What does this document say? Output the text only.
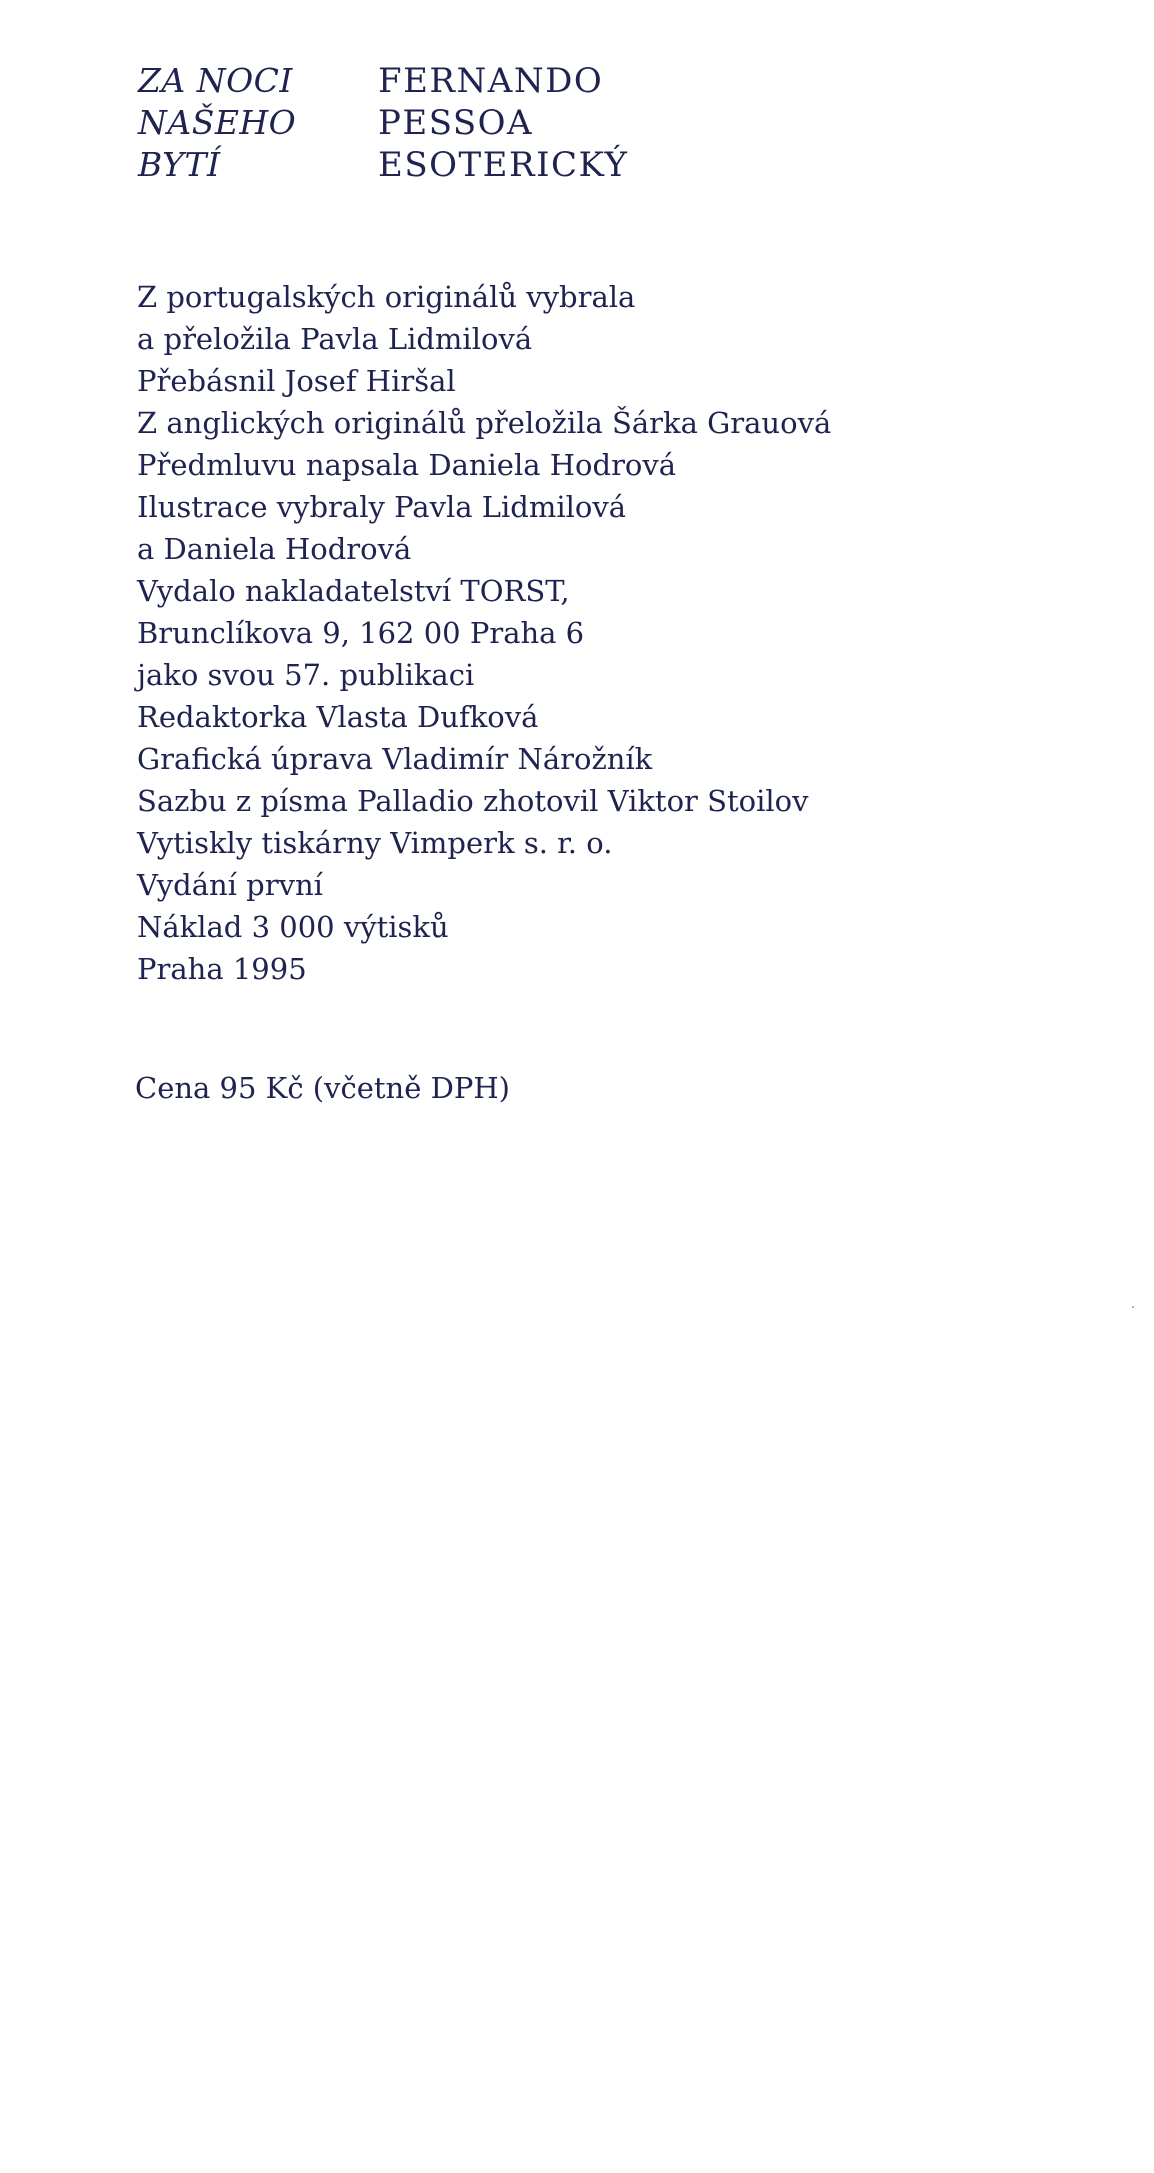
ZA NOCI
NAŠEHO
BYTÍ
FERNANDO
PESSOA
ESOTERICKÝ
Z portugalských originálů vybrala
a přeložila Pavla Lidmilová
Přebásnil Josef Hiršal
Z anglických originálů přeložila Šárka Grauová
Předmluvu napsala Daniela Hodrová
Ilustrace vybraly Pavla Lidmilová
a Daniela Hodrová
Vydalo nakladatelství TORST,
Brunclíkova 9, 162 00 Praha 6
jako svou 57. publikaci
Redaktorka Vlasta Dufková
Grafická úprava Vladimír Nárožník
Sazbu z písma Palladio zhotovil Viktor Stoilov
Vytiskly tiskárny Vimperk s. r. o.
Vydání první
Náklad 3 000 výtisků
Praha 1995
Cena 95 Kč (včetně DPH)
